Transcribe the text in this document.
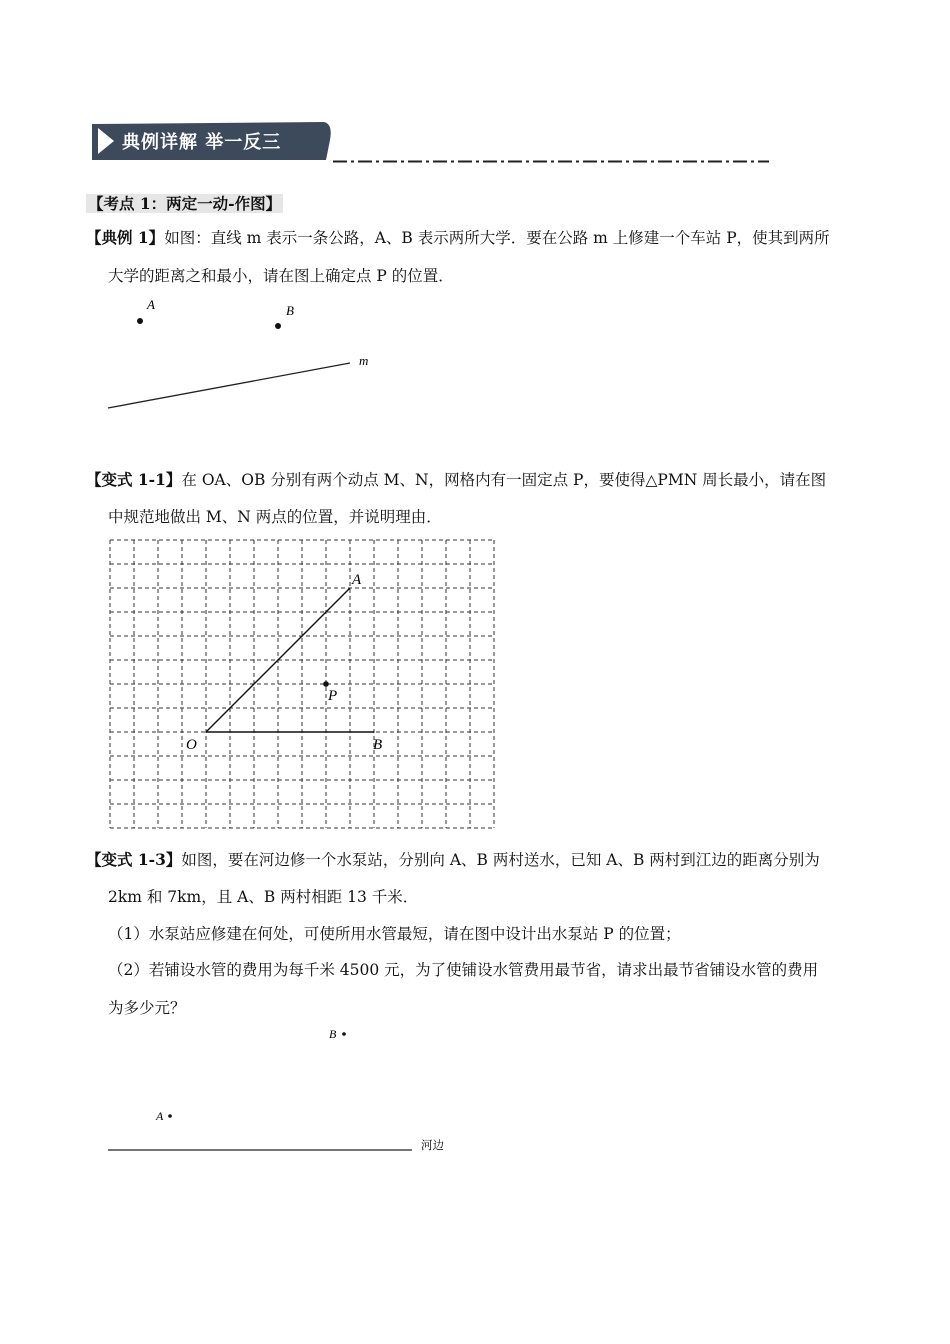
典例详解 举一反三
【考点 1：两定一动-作图】
【典例 1】如图：直线 m 表示一条公路，A、B 表示两所大学．要在公路 m 上修建一个车站 P，使其到两所
大学的距离之和最小，请在图上确定点 P 的位置．
A	B
m
【变式 1-1】在 OA、OB 分别有两个动点 M、N，网格内有一固定点 P，要使得△PMN 周长最小，请在图
中规范地做出 M、N 两点的位置，并说明理由．
A
P
O	B
【变式 1-3】如图，要在河边修一个水泵站，分别向 A、B 两村送水，已知 A、B 两村到江边的距离分别为
2km 和 7km，且 A、B 两村相距 13 千米．
（1）水泵站应修建在何处，可使所用水管最短，请在图中设计出水泵站 P 的位置；
（2）若铺设水管的费用为每千米 4500 元，为了使铺设水管费用最节省，请求出最节省铺设水管的费用
为多少元？
B
A
河边
